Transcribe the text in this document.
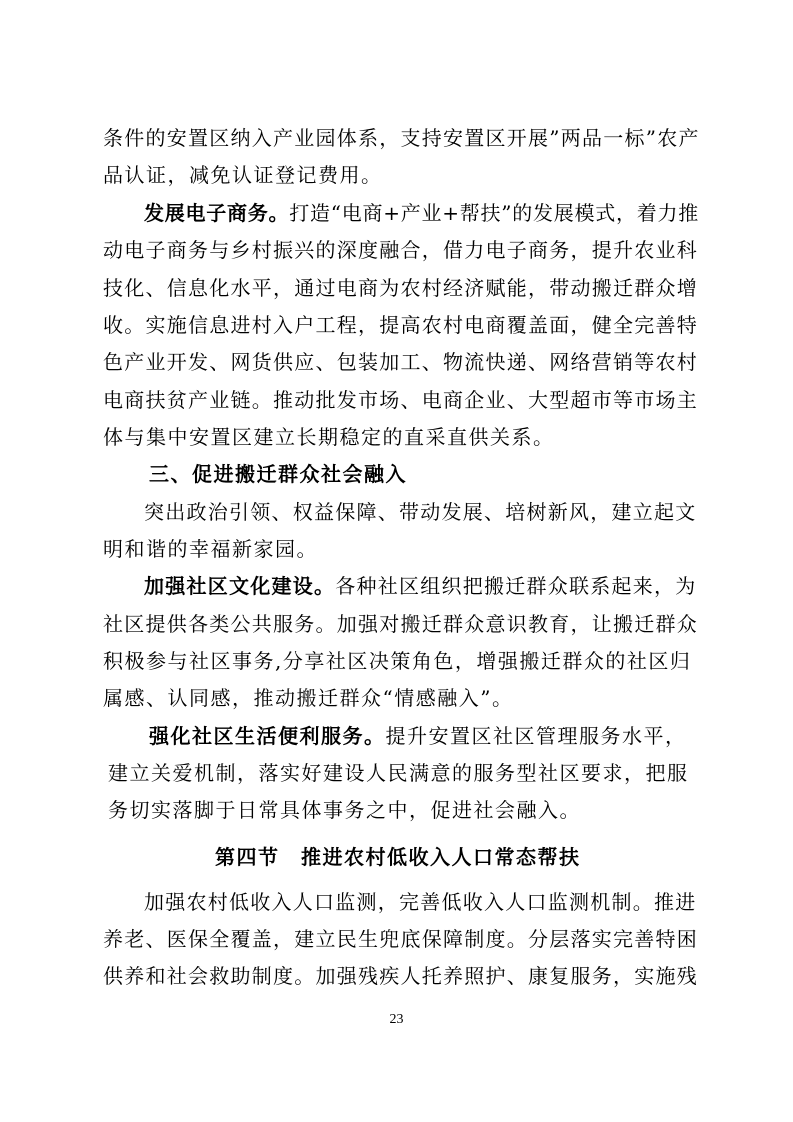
条件的安置区纳入产业园体系，支持安置区开展”两品一标”农产
品认证，减免认证登记费用。
发展电子商务。打造“电商+产业+帮扶”的发展模式，着力推
动电子商务与乡村振兴的深度融合，借力电子商务，提升农业科
技化、信息化水平，通过电商为农村经济赋能，带动搬迁群众增
收。实施信息进村入户工程，提高农村电商覆盖面，健全完善特
色产业开发、网货供应、包装加工、物流快递、网络营销等农村
电商扶贫产业链。推动批发市场、电商企业、大型超市等市场主
体与集中安置区建立长期稳定的直采直供关系。
三、促进搬迁群众社会融入
突出政治引领、权益保障、带动发展、培树新风，建立起文
明和谐的幸福新家园。
加强社区文化建设。各种社区组织把搬迁群众联系起来，为
社区提供各类公共服务。加强对搬迁群众意识教育，让搬迁群众
积极参与社区事务,分享社区决策角色，增强搬迁群众的社区归
属感、认同感，推动搬迁群众“情感融入”。
强化社区生活便利服务。提升安置区社区管理服务水平，
建立关爱机制，落实好建设人民满意的服务型社区要求，把服
务切实落脚于日常具体事务之中，促进社会融入。
第四节　推进农村低收入人口常态帮扶
加强农村低收入人口监测，完善低收入人口监测机制。推进
养老、医保全覆盖，建立民生兜底保障制度。分层落实完善特困
供养和社会救助制度。加强残疾人托养照护、康复服务，实施残
23
